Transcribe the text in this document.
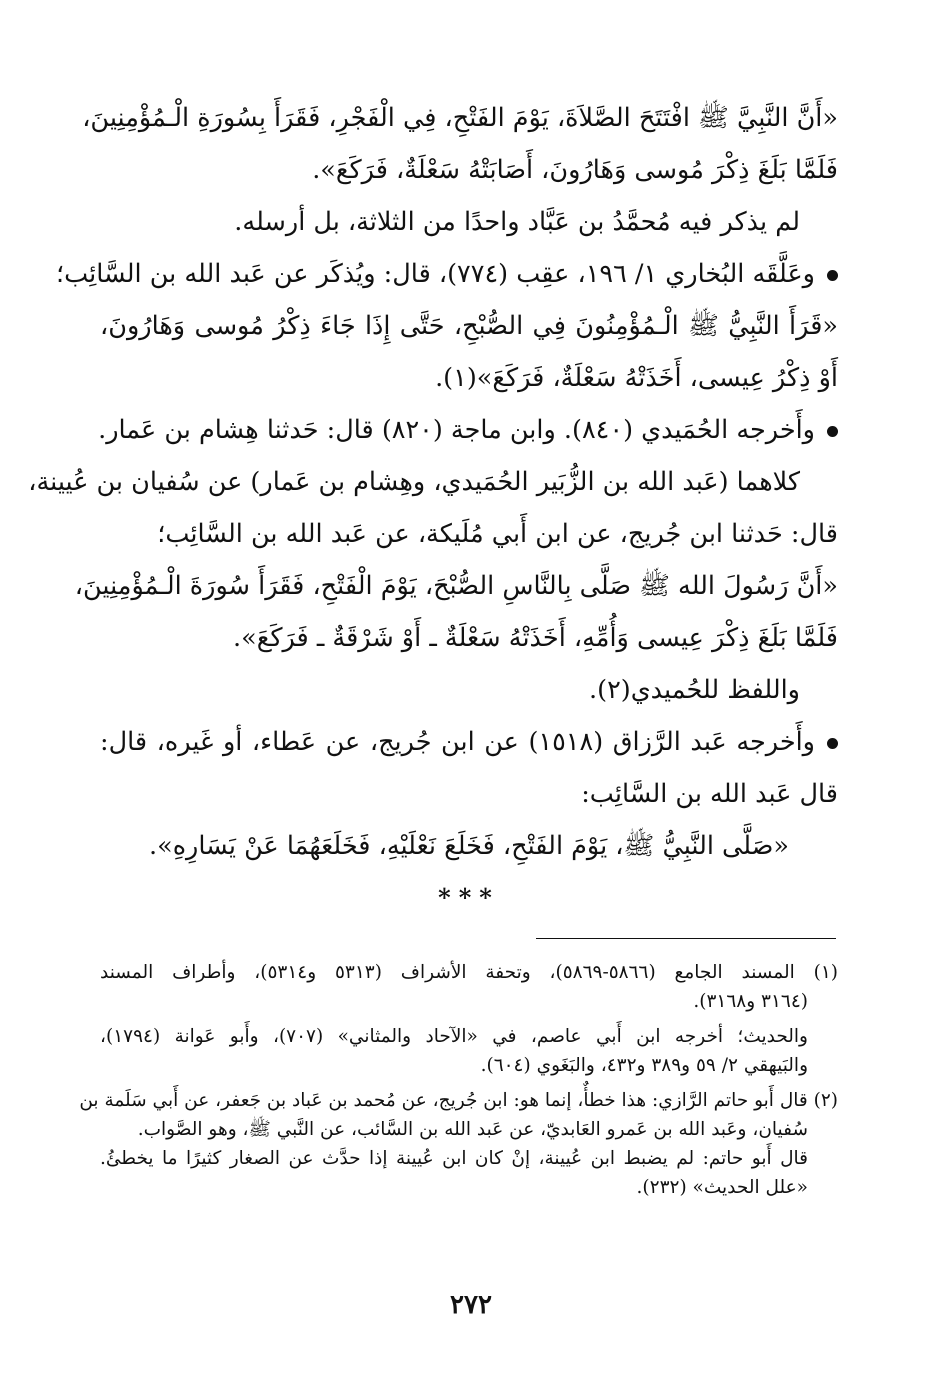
«أَنَّ النَّبِيَّ ﷺ افْتَتَحَ الصَّلاَةَ، يَوْمَ الفَتْحِ، فِي الْفَجْرِ، فَقَرَأَ بِسُورَةِ الْـمُؤْمِنِينَ،
فَلَمَّا بَلَغَ ذِكْرَ مُوسى وَهَارُونَ، أَصَابَتْهُ سَعْلَةٌ، فَرَكَعَ».
لم يذكر فيه مُحمَّدُ بن عَبَّاد واحدًا من الثلاثة، بل أرسله.
وعَلَّقَه البُخاري ١/ ١٩٦، عقِب (٧٧٤)، قال: ويُذكَر عن عَبد الله بن السَّائِب؛
«قَرَأَ النَّبِيُّ ﷺ الْـمُؤْمِنُونَ فِي الصُّبْحِ، حَتَّى إِذَا جَاءَ ذِكْرُ مُوسى وَهَارُونَ،
أَوْ ذِكْرُ عِيسى، أَخَذَتْهُ سَعْلَةٌ، فَرَكَعَ»(١).
وأَخرجه الحُمَيدي (٨٤٠). وابن ماجة (٨٢٠) قال: حَدثنا هِشام بن عَمار.
كلاهما (عَبد الله بن الزُّبَير الحُمَيدي، وهِشام بن عَمار) عن سُفيان بن عُيينة،
قال: حَدثنا ابن جُريج، عن ابن أَبي مُلَيكة، عن عَبد الله بن السَّائِب؛
«أَنَّ رَسُولَ الله ﷺ صَلَّى بِالنَّاسِ الصُّبْحَ، يَوْمَ الْفَتْحِ، فَقَرَأَ سُورَةَ الْـمُؤْمِنِينَ،
فَلَمَّا بَلَغَ ذِكْرَ عِيسى وَأُمِّهِ، أَخَذَتْهُ سَعْلَةٌ ـ أَوْ شَرْقَةٌ ـ فَرَكَعَ».
واللفظ للحُميدي(٢).
وأَخرجه عَبد الرَّزاق (١٥١٨) عن ابن جُريج، عن عَطاء، أو غَيره، قال:
قال عَبد الله بن السَّائِب:
«صَلَّى النَّبِيُّ ﷺ، يَوْمَ الفَتْحِ، فَخَلَعَ نَعْلَيْهِ، فَخَلَعَهُمَا عَنْ يَسَارِهِ».
***
(١) المسند الجامع (٥٨٦٦-٥٨٦٩)، وتحفة الأشراف (٥٣١٣ و٥٣١٤)، وأطراف المسند
(٣١٦٤ و٣١٦٨).
والحديث؛ أخرجه ابن أَبي عاصم، في «الآحاد والمثاني» (٧٠٧)، وأَبو عَوانة (١٧٩٤)،
والبَيهقي ٢/ ٥٩ و٣٨٩ و٤٣٢، والبَغَوي (٦٠٤).
(٢) قال أَبو حاتم الرَّازي: هذا خطأٌ، إنما هو: ابن جُريج، عن مُحمد بن عَباد بن جَعفر، عن أَبي سَلَمة بن
سُفيان، وعَبد الله بن عَمرو العَابديّ، عن عَبد الله بن السَّائب، عن النَّبي ﷺ، وهو الصَّواب.
قال أَبو حاتم: لم يضبط ابن عُيينة، إنْ كان ابن عُيينة إذا حدَّث عن الصغار كثيرًا ما يخطئُ.
«علل الحديث» (٢٣٢).
٢٧٢
